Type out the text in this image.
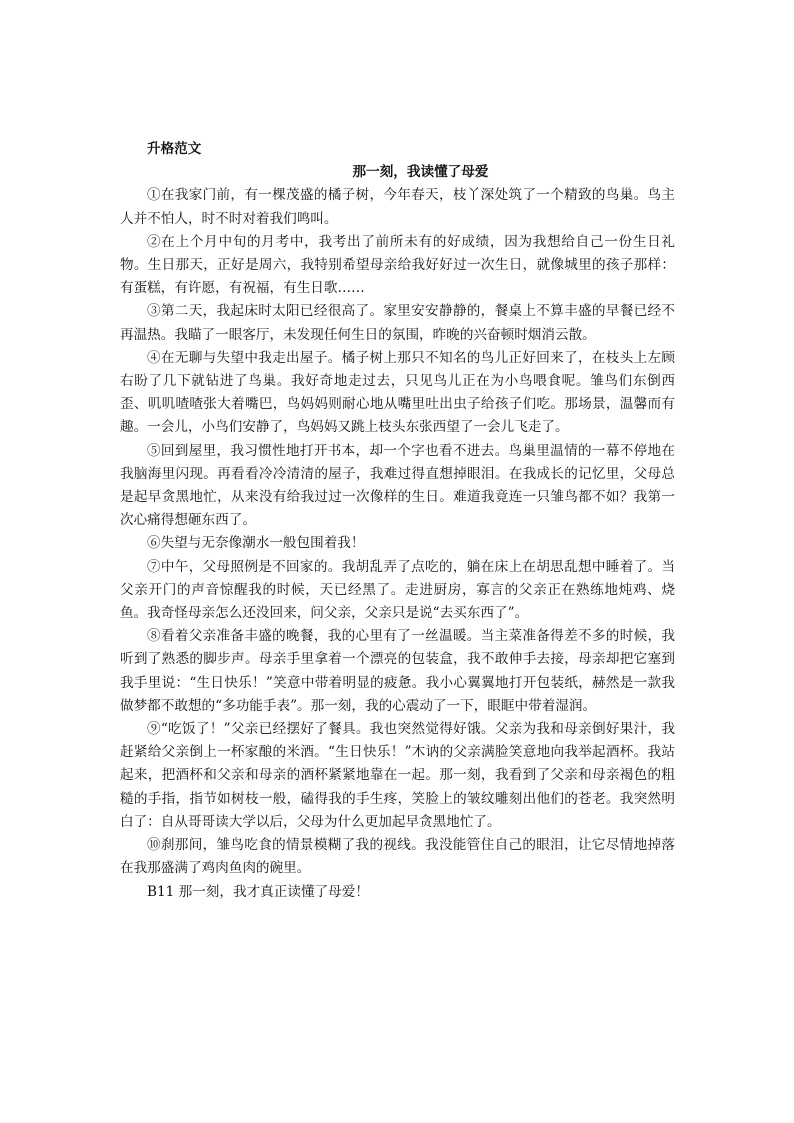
升格范文

那一刻，我读懂了母爱

①在我家门前，有一棵茂盛的橘子树，今年春天，枝丫深处筑了一个精致的鸟巢。鸟主人并不怕人，时不时对着我们鸣叫。

②在上个月中旬的月考中，我考出了前所未有的好成绩，因为我想给自己一份生日礼物。生日那天，正好是周六，我特别希望母亲给我好好过一次生日，就像城里的孩子那样：有蛋糕，有许愿，有祝福，有生日歌……

③第二天，我起床时太阳已经很高了。家里安安静静的，餐桌上不算丰盛的早餐已经不再温热。我瞄了一眼客厅，未发现任何生日的氛围，昨晚的兴奋顿时烟消云散。

④在无聊与失望中我走出屋子。橘子树上那只不知名的鸟儿正好回来了，在枝头上左顾右盼了几下就钻进了鸟巢。我好奇地走过去，只见鸟儿正在为小鸟喂食呢。雏鸟们东倒西歪、叽叽喳喳张大着嘴巴，鸟妈妈则耐心地从嘴里吐出虫子给孩子们吃。那场景，温馨而有趣。一会儿，小鸟们安静了，鸟妈妈又跳上枝头东张西望了一会儿飞走了。

⑤回到屋里，我习惯性地打开书本，却一个字也看不进去。鸟巢里温情的一幕不停地在我脑海里闪现。再看看冷冷清清的屋子，我难过得直想掉眼泪。在我成长的记忆里，父母总是起早贪黑地忙，从来没有给我过过一次像样的生日。难道我竟连一只雏鸟都不如？我第一次心痛得想砸东西了。

⑥失望与无奈像潮水一般包围着我！

⑦中午，父母照例是不回家的。我胡乱弄了点吃的，躺在床上在胡思乱想中睡着了。当父亲开门的声音惊醒我的时候，天已经黑了。走进厨房，寡言的父亲正在熟练地炖鸡、烧鱼。我奇怪母亲怎么还没回来，问父亲，父亲只是说“去买东西了”。

⑧看着父亲准备丰盛的晚餐，我的心里有了一丝温暖。当主菜准备得差不多的时候，我听到了熟悉的脚步声。母亲手里拿着一个漂亮的包装盒，我不敢伸手去接，母亲却把它塞到我手里说：“生日快乐！”笑意中带着明显的疲惫。我小心翼翼地打开包装纸，赫然是一款我做梦都不敢想的“多功能手表”。那一刻，我的心震动了一下，眼眶中带着湿润。

⑨“吃饭了！”父亲已经摆好了餐具。我也突然觉得好饿。父亲为我和母亲倒好果汁，我赶紧给父亲倒上一杯家酿的米酒。“生日快乐！”木讷的父亲满脸笑意地向我举起酒杯。我站起来，把酒杯和父亲和母亲的酒杯紧紧地靠在一起。那一刻，我看到了父亲和母亲褐色的粗糙的手指，指节如树枝一般，磕得我的手生疼，笑脸上的皱纹雕刻出他们的苍老。我突然明白了：自从哥哥读大学以后，父母为什么更加起早贪黑地忙了。

⑩刹那间，雏鸟吃食的情景模糊了我的视线。我没能管住自己的眼泪，让它尽情地掉落在我那盛满了鸡肉鱼肉的碗里。

B11 那一刻，我才真正读懂了母爱！
